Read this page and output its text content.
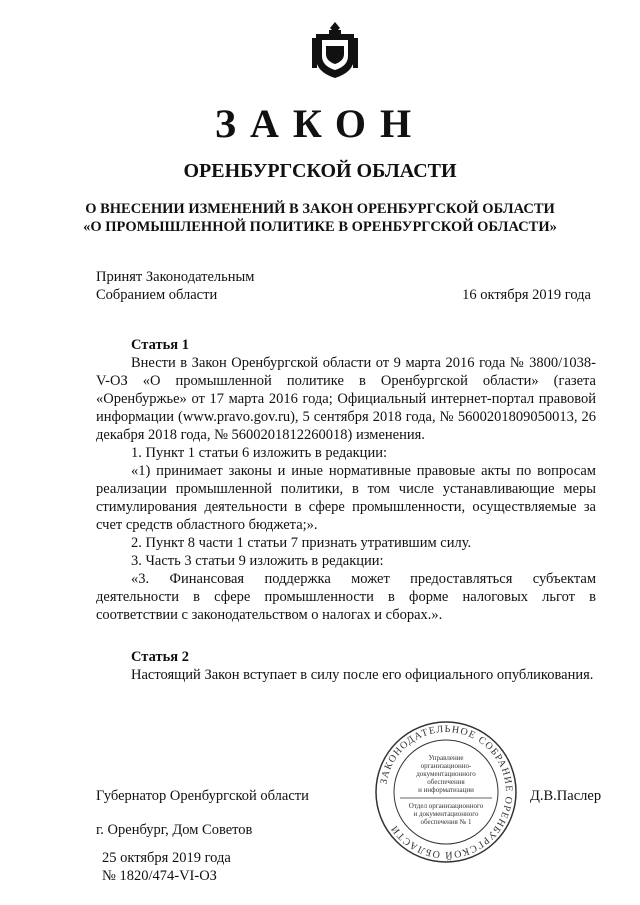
ЗАКОН
ОРЕНБУРГСКОЙ ОБЛАСТИ
О ВНЕСЕНИИ ИЗМЕНЕНИЙ В ЗАКОН ОРЕНБУРГСКОЙ ОБЛАСТИ
«О ПРОМЫШЛЕННОЙ ПОЛИТИКЕ В ОРЕНБУРГСКОЙ ОБЛАСТИ»
Принят Законодательным
Собранием области	16 октября 2019 года

Статья 1

Внести в Закон Оренбургской области от 9 марта 2016 года № 3800/1038-V-ОЗ «О промышленной политике в Оренбургской области» (газета «Оренбуржье» от 17 марта 2016 года; Официальный интернет-портал правовой информации (www.pravo.gov.ru), 5 сентября 2018 года, № 5600201809050013, 26 декабря 2018 года, № 5600201812260018) изменения.

1. Пункт 1 статьи 6 изложить в редакции:

«1) принимает законы и иные нормативные правовые акты по вопросам реализации промышленной политики, в том числе устанавливающие меры стимулирования деятельности в сфере промышленности, осуществляемые за счет средств областного бюджета;».

2. Пункт 8 части 1 статьи 7 признать утратившим силу.

3. Часть 3 статьи 9 изложить в редакции:

«3. Финансовая поддержка может предоставляться субъектам деятельности в сфере промышленности в форме налоговых льгот в соответствии с законодательством о налогах и сборах.».

Статья 2

Настоящий Закон вступает в силу после его официального опубликования.

ЗАКОНОДАТЕЛЬНОЕ СОБРАНИЕ ОРЕНБУРГСКОЙ ОБЛАСТИ
Управление
организационно-
документационного
обеспечения
и информатизации
Отдел организационного
и документационного
обеспечения № 1
Губернатор Оренбургской области	Д.В.Паслер
г. Оренбург, Дом Советов
25 октября 2019 года
№ 1820/474-VI-ОЗ
